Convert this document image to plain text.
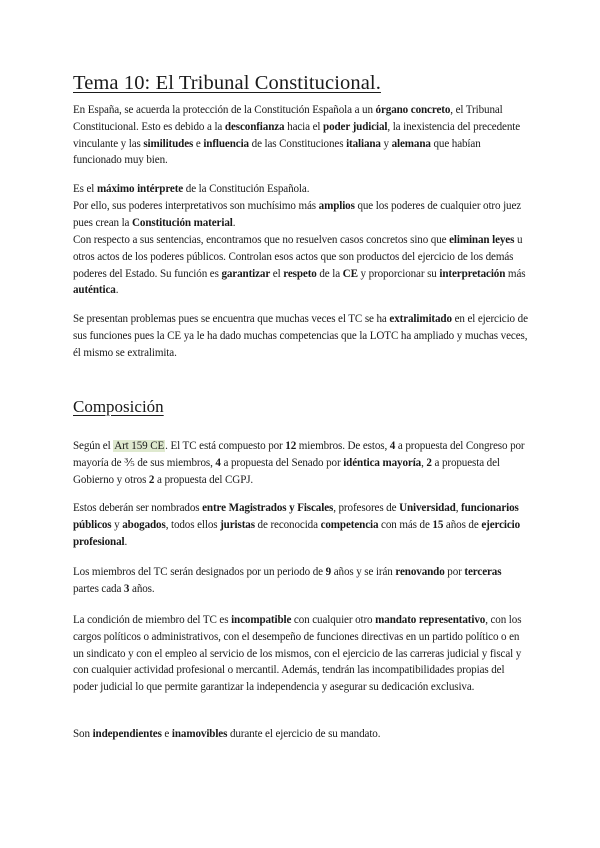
Tema 10: El Tribunal Constitucional.

En España, se acuerda la protección de la Constitución Española a un órgano concreto, el Tribunal Constitucional. Esto es debido a la desconfianza hacia el poder judicial, la inexistencia del precedente vinculante y las similitudes e influencia de las Constituciones italiana y alemana que habían funcionado muy bien.

Es el máximo intérprete de la Constitución Española.

Por ello, sus poderes interpretativos son muchísimo más amplios que los poderes de cualquier otro juez pues crean la Constitución material.

Con respecto a sus sentencias, encontramos que no resuelven casos concretos sino que eliminan leyes u otros actos de los poderes públicos. Controlan esos actos que son productos del ejercicio de los demás poderes del Estado. Su función es garantizar el respeto de la CE y proporcionar su interpretación más auténtica.

Se presentan problemas pues se encuentra que muchas veces el TC se ha extralimitado en el ejercicio de sus funciones pues la CE ya le ha dado muchas competencias que la LOTC ha ampliado y muchas veces, él mismo se extralimita.

Composición

Según el Art 159 CE. El TC está compuesto por 12 miembros. De estos, 4 a propuesta del Congreso por mayoría de ⅗ de sus miembros, 4 a propuesta del Senado por idéntica mayoría, 2 a propuesta del Gobierno y otros 2 a propuesta del CGPJ.

Estos deberán ser nombrados entre Magistrados y Fiscales, profesores de Universidad, funcionarios públicos y abogados, todos ellos juristas de reconocida competencia con más de 15 años de ejercicio profesional.

Los miembros del TC serán designados por un periodo de 9 años y se irán renovando por terceras partes cada 3 años.

La condición de miembro del TC es incompatible con cualquier otro mandato representativo, con los cargos políticos o administrativos, con el desempeño de funciones directivas en un partido político o en un sindicato y con el empleo al servicio de los mismos, con el ejercicio de las carreras judicial y fiscal y con cualquier actividad profesional o mercantil. Además, tendrán las incompatibilidades propias del poder judicial lo que permite garantizar la independencia y asegurar su dedicación exclusiva.

Son independientes e inamovibles durante el ejercicio de su mandato.
